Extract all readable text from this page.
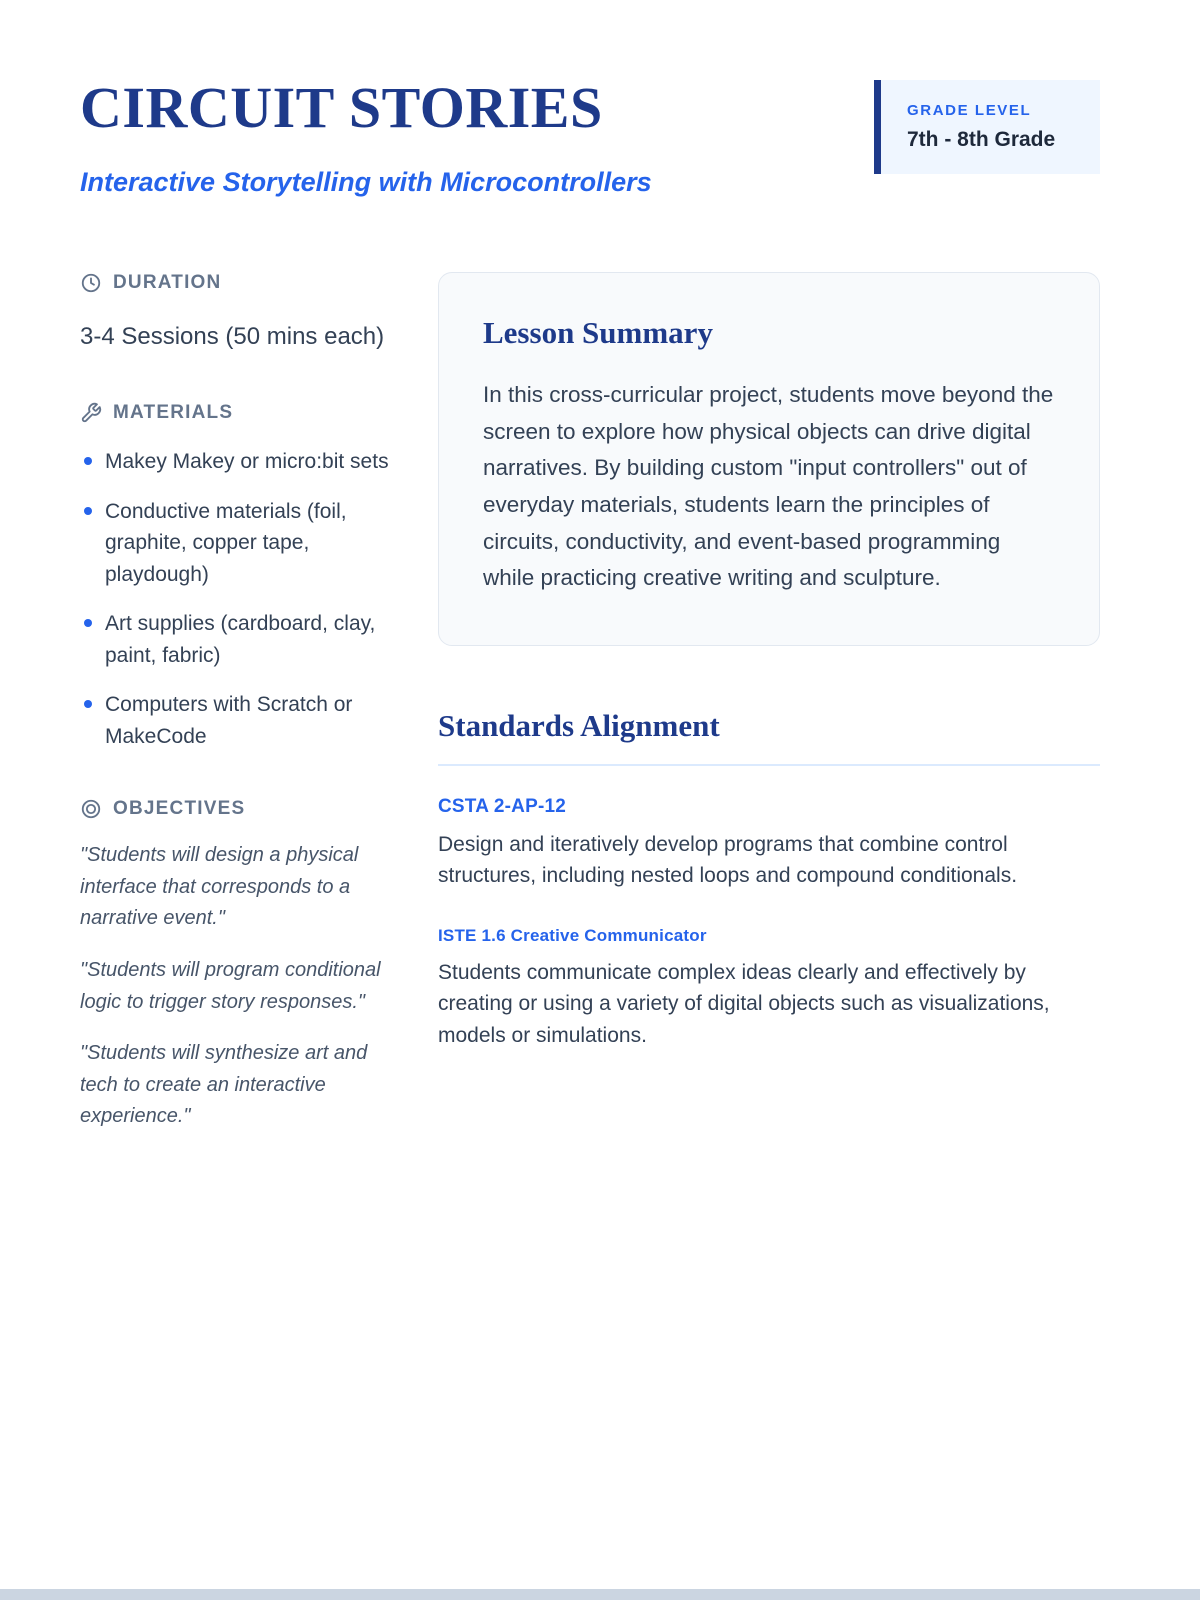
CIRCUIT STORIES

Interactive Storytelling with Microcontrollers

GRADE LEVEL
7th - 8th Grade
DURATION

3-4 Sessions (50 mins each)

MATERIALS
Makey Makey or micro:bit sets
Conductive materials (foil, graphite, copper tape, playdough)
Art supplies (cardboard, clay, paint, fabric)
Computers with Scratch or MakeCode
OBJECTIVES

"Students will design a physical interface that corresponds to a narrative event."

"Students will program conditional logic to trigger story responses."

"Students will synthesize art and tech to create an interactive experience."

Lesson Summary

In this cross-curricular project, students move beyond the screen to explore how physical objects can drive digital narratives. By building custom "input controllers" out of everyday materials, students learn the principles of circuits, conductivity, and event-based programming while practicing creative writing and sculpture.

Standards Alignment
CSTA 2-AP-12

Design and iteratively develop programs that combine control structures, including nested loops and compound conditionals.

ISTE 1.6 Creative Communicator

Students communicate complex ideas clearly and effectively by creating or using a variety of digital objects such as visualizations, models or simulations.
